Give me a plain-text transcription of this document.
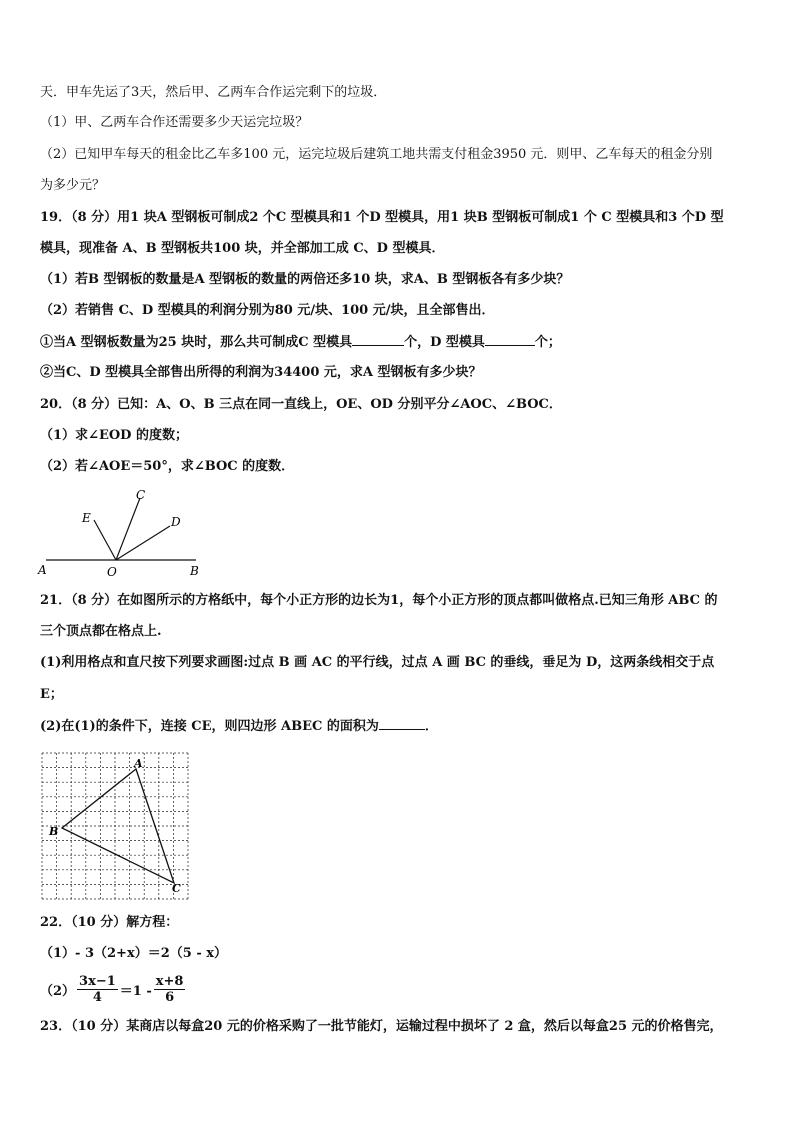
天．甲车先运了3天，然后甲、乙两车合作运完剩下的垃圾．
（1）甲、乙两车合作还需要多少天运完垃圾？
（2）已知甲车每天的租金比乙车多100 元，运完垃圾后建筑工地共需支付租金3950 元．则甲、乙车每天的租金分别
为多少元？
19．（8 分）用1 块A 型钢板可制成2 个C 型模具和1 个D 型模具，用1 块B 型钢板可制成1 个 C 型模具和3 个D 型
模具，现准备 A、B 型钢板共100 块，并全部加工成 C、D 型模具．
（1）若B 型钢板的数量是A 型钢板的数量的两倍还多10 块，求A、B 型钢板各有多少块？
（2）若销售 C、D 型模具的利润分别为80 元/块、100 元/块，且全部售出．
①当A 型钢板数量为25 块时，那么共可制成C 型模具	个，D 型模具	个；
②当C、D 型模具全部售出所得的利润为34400 元，求A 型钢板有多少块？
20．（8 分）已知：A、O、B 三点在同一直线上，OE、OD 分别平分∠AOC、∠BOC．
（1）求∠EOD 的度数；
（2）若∠AOE＝50°，求∠BOC 的度数．
A	O	B
C
E	D
21．（8 分）在如图所示的方格纸中，每个小正方形的边长为1，每个小正方形的顶点都叫做格点.已知三角形 ABC 的
三个顶点都在格点上.
(1)利用格点和直尺按下列要求画图:过点 B 画 AC 的平行线，过点 A 画 BC 的垂线，垂足为 D，这两条线相交于点
E；
(2)在(1)的条件下，连接 CE，则四边形 ABEC 的面积为	．
A
B
C
22．（10 分）解方程：
（1）- 3（2+x）＝2（5 - x）
$(2) \frac{3x-1}{4} =1 - \frac{x+8}{6}$
23．（10 分）某商店以每盒20 元的价格采购了一批节能灯，运输过程中损坏了 2 盒，然后以每盒25 元的价格售完，
